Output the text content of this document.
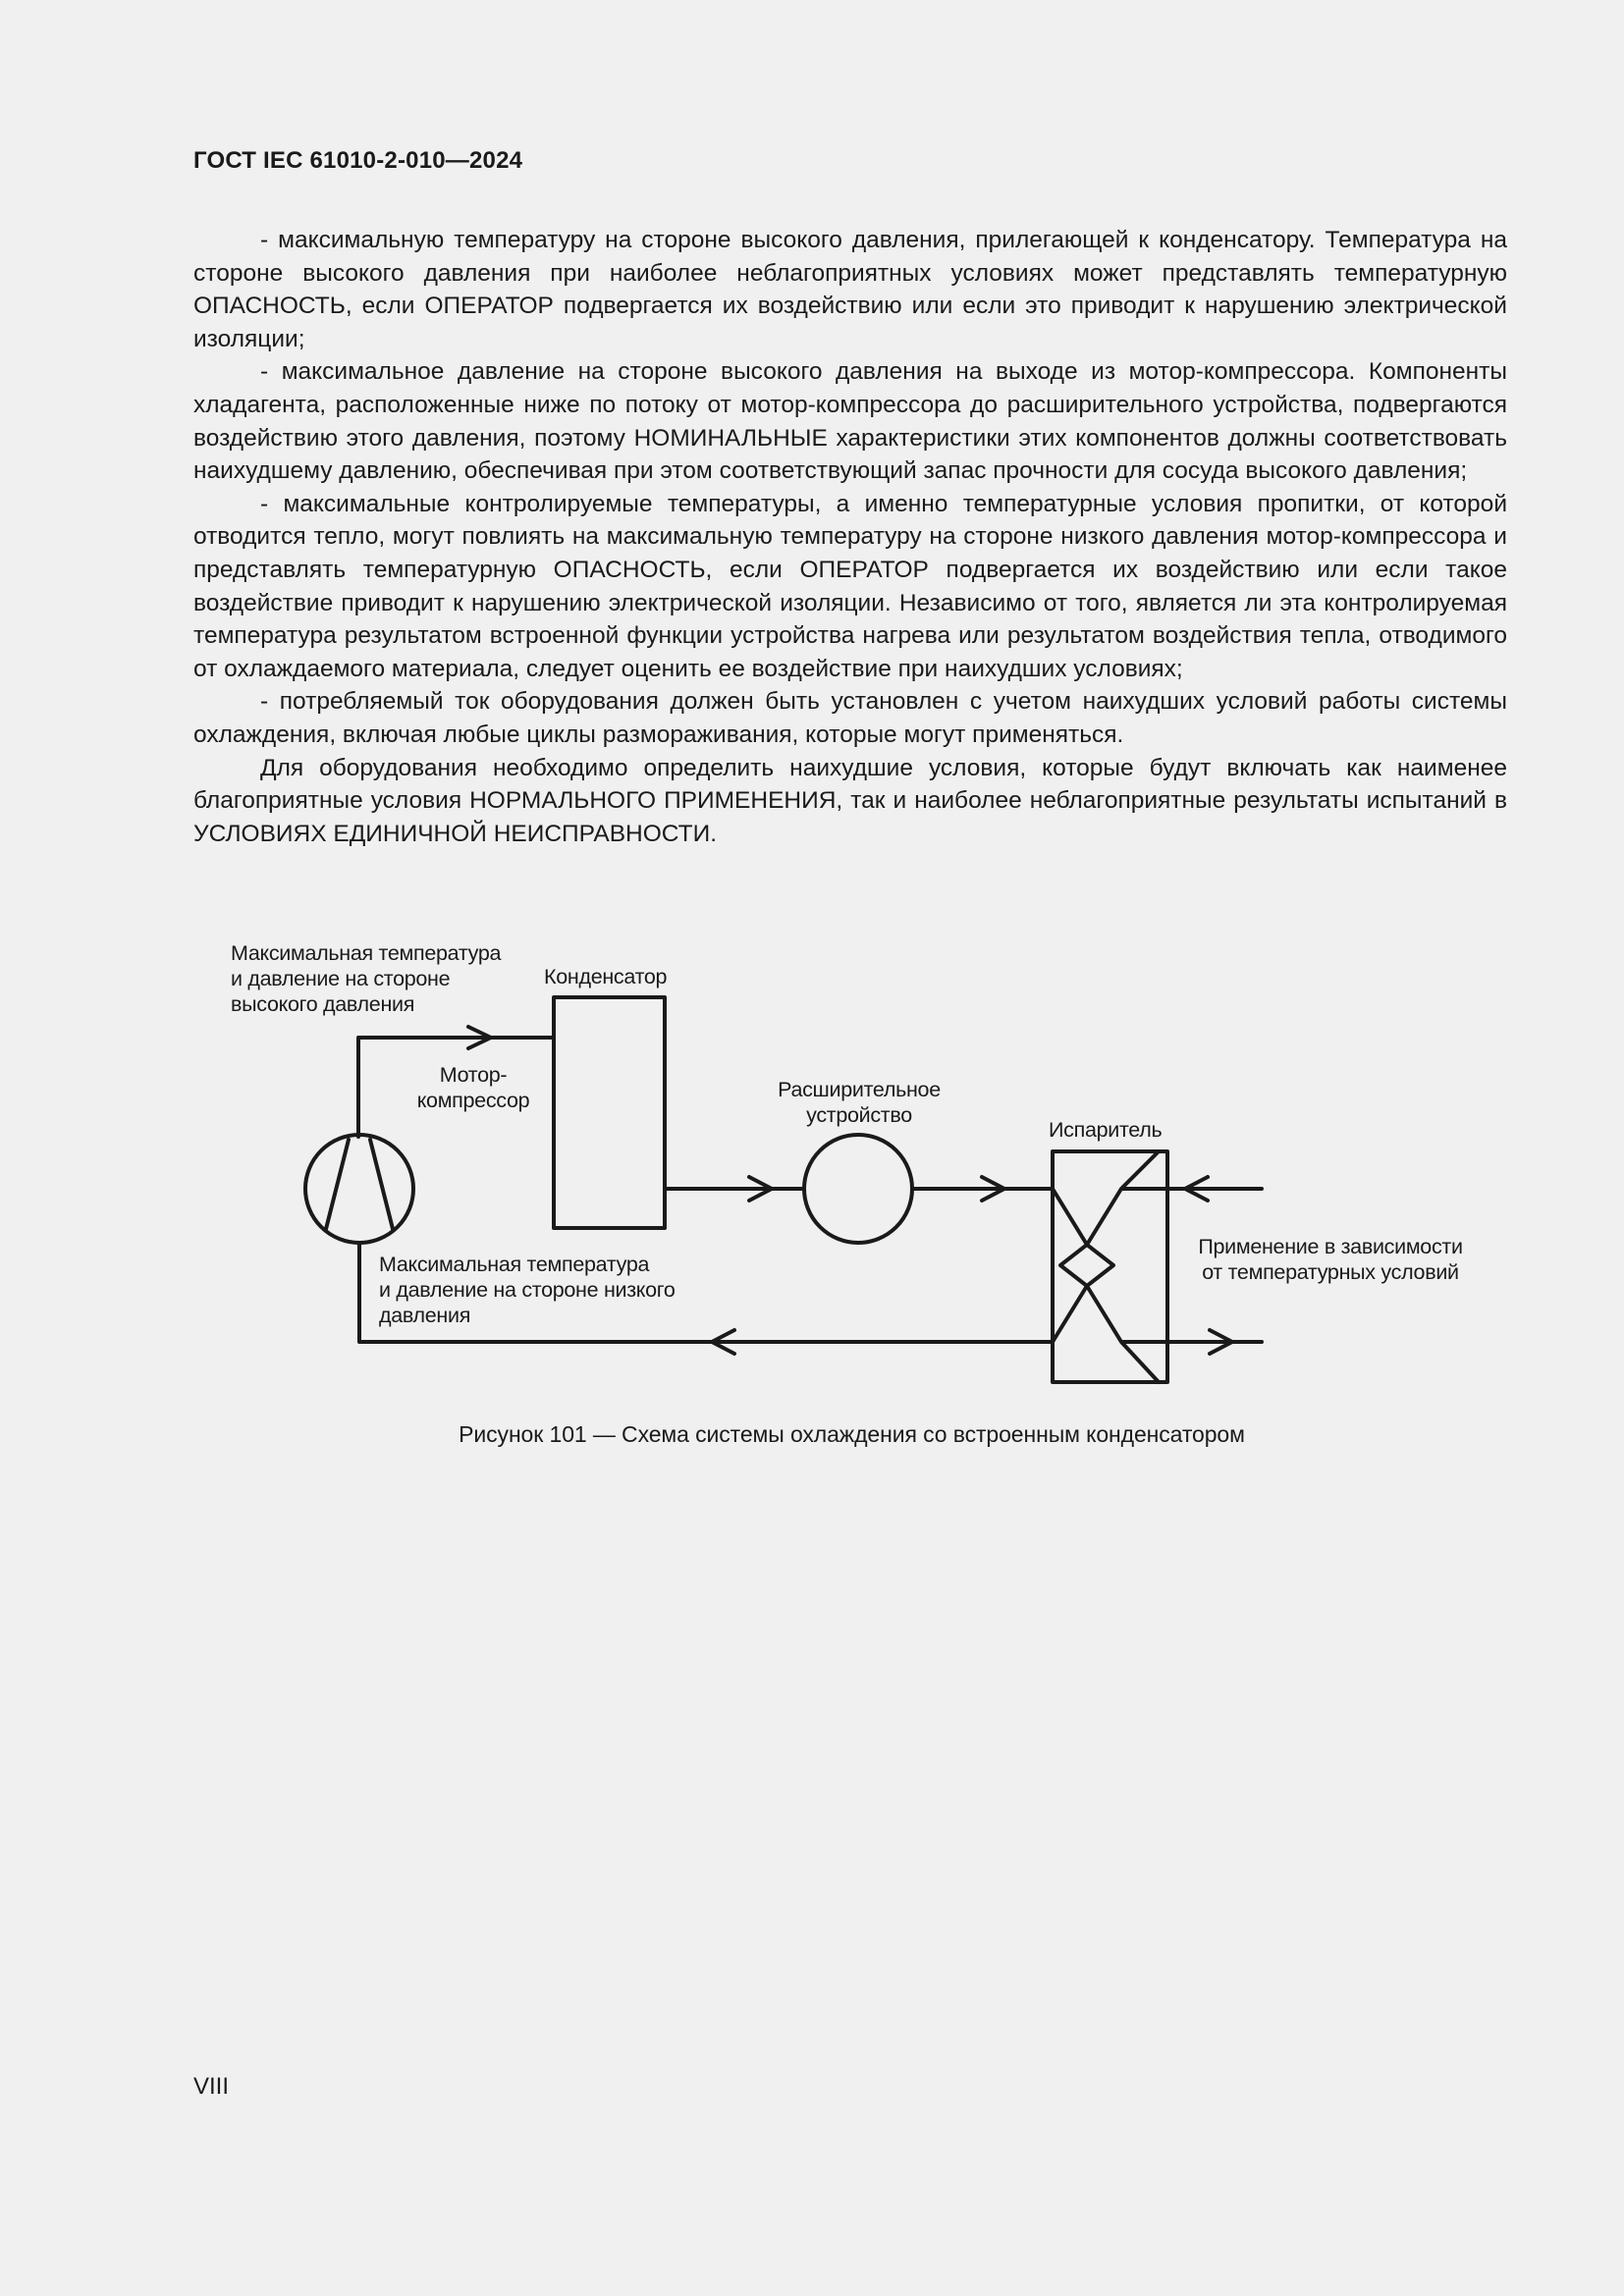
ГОСТ IEC 61010-2-010—2024

- максимальную температуру на стороне высокого давления, прилегающей к конденсатору. Температура на стороне высокого давления при наиболее неблагоприятных условиях может представлять температурную ОПАСНОСТЬ, если ОПЕРАТОР подвергается их воздействию или если это приводит к нарушению электрической изоляции;

- максимальное давление на стороне высокого давления на выходе из мотор-компрессора. Компоненты хладагента, расположенные ниже по потоку от мотор-компрессора до расширительного устройства, подвергаются воздействию этого давления, поэтому НОМИНАЛЬНЫЕ характеристики этих компонентов должны соответствовать наихудшему давлению, обеспечивая при этом соответствующий запас прочности для сосуда высокого давления;

- максимальные контролируемые температуры, а именно температурные условия пропитки, от которой отводится тепло, могут повлиять на максимальную температуру на стороне низкого давления мотор-компрессора и представлять температурную ОПАСНОСТЬ, если ОПЕРАТОР подвергается их воздействию или если такое воздействие приводит к нарушению электрической изоляции. Независимо от того, является ли эта контролируемая температура результатом встроенной функции устройства нагрева или результатом воздействия тепла, отводимого от охлаждаемого материала, следует оценить ее воздействие при наихудших условиях;

- потребляемый ток оборудования должен быть установлен с учетом наихудших условий работы системы охлаждения, включая любые циклы размораживания, которые могут применяться.

Для оборудования необходимо определить наихудшие условия, которые будут включать как наименее благоприятные условия НОРМАЛЬНОГО ПРИМЕНЕНИЯ, так и наиболее неблагоприятные результаты испытаний в УСЛОВИЯХ ЕДИНИЧНОЙ НЕИСПРАВНОСТИ.

Максимальная температура
и давление на стороне
высокого давления
Конденсатор
Мотор-
компрессор	Расширительное
устройство
Испаритель
Применение в зависимости
от температурных условий
Максимальная температура
и давление на стороне низкого
давления
Рисунок 101 — Схема системы охлаждения со встроенным конденсатором
VIII
